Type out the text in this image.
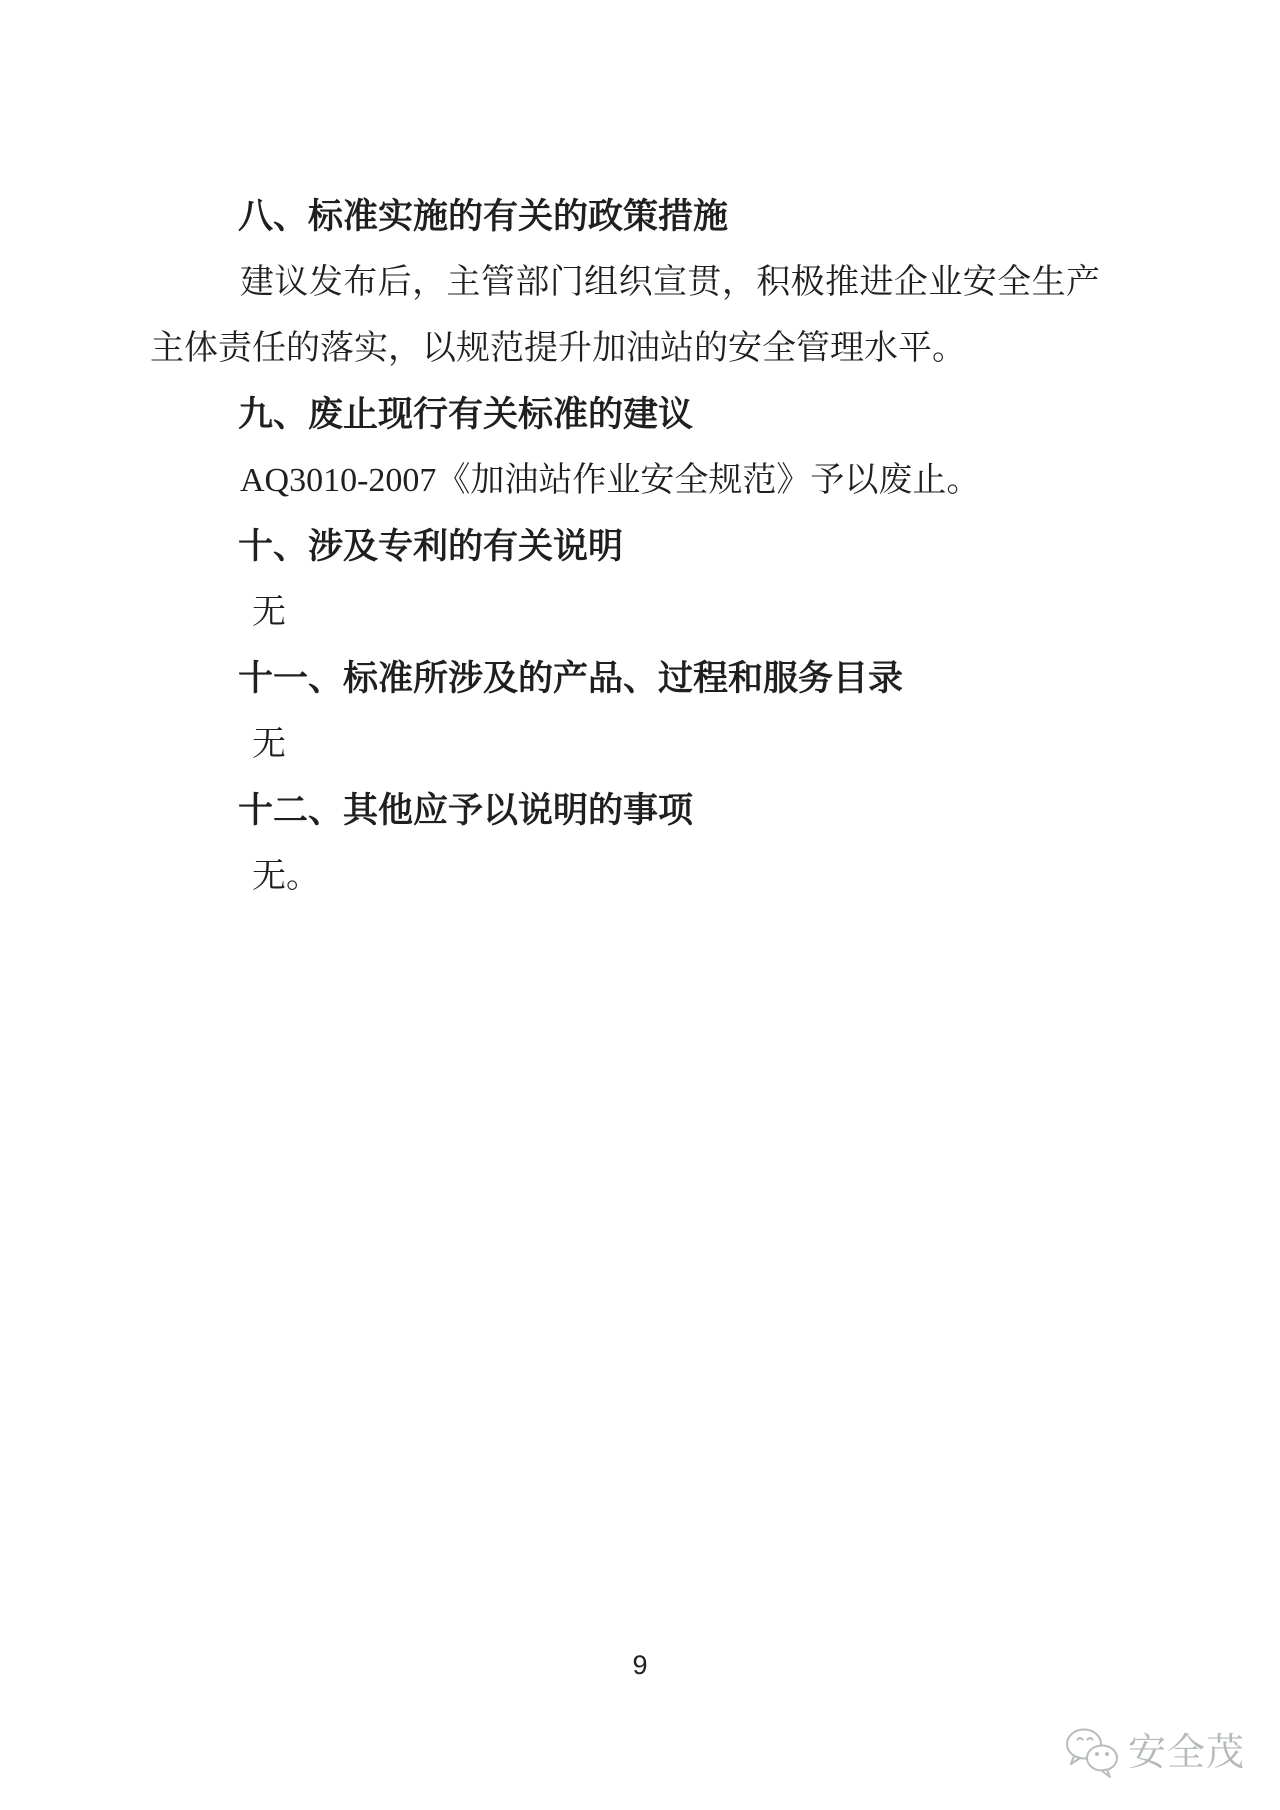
八、标准实施的有关的政策措施
建议发布后，主管部门组织宣贯，积极推进企业安全生产
主体责任的落实，以规范提升加油站的安全管理水平。
九、废止现行有关标准的建议
AQ3010-2007《加油站作业安全规范》予以废止。
十、涉及专利的有关说明
无
十一、标准所涉及的产品、过程和服务目录
无
十二、其他应予以说明的事项
无。
9
安全茂
